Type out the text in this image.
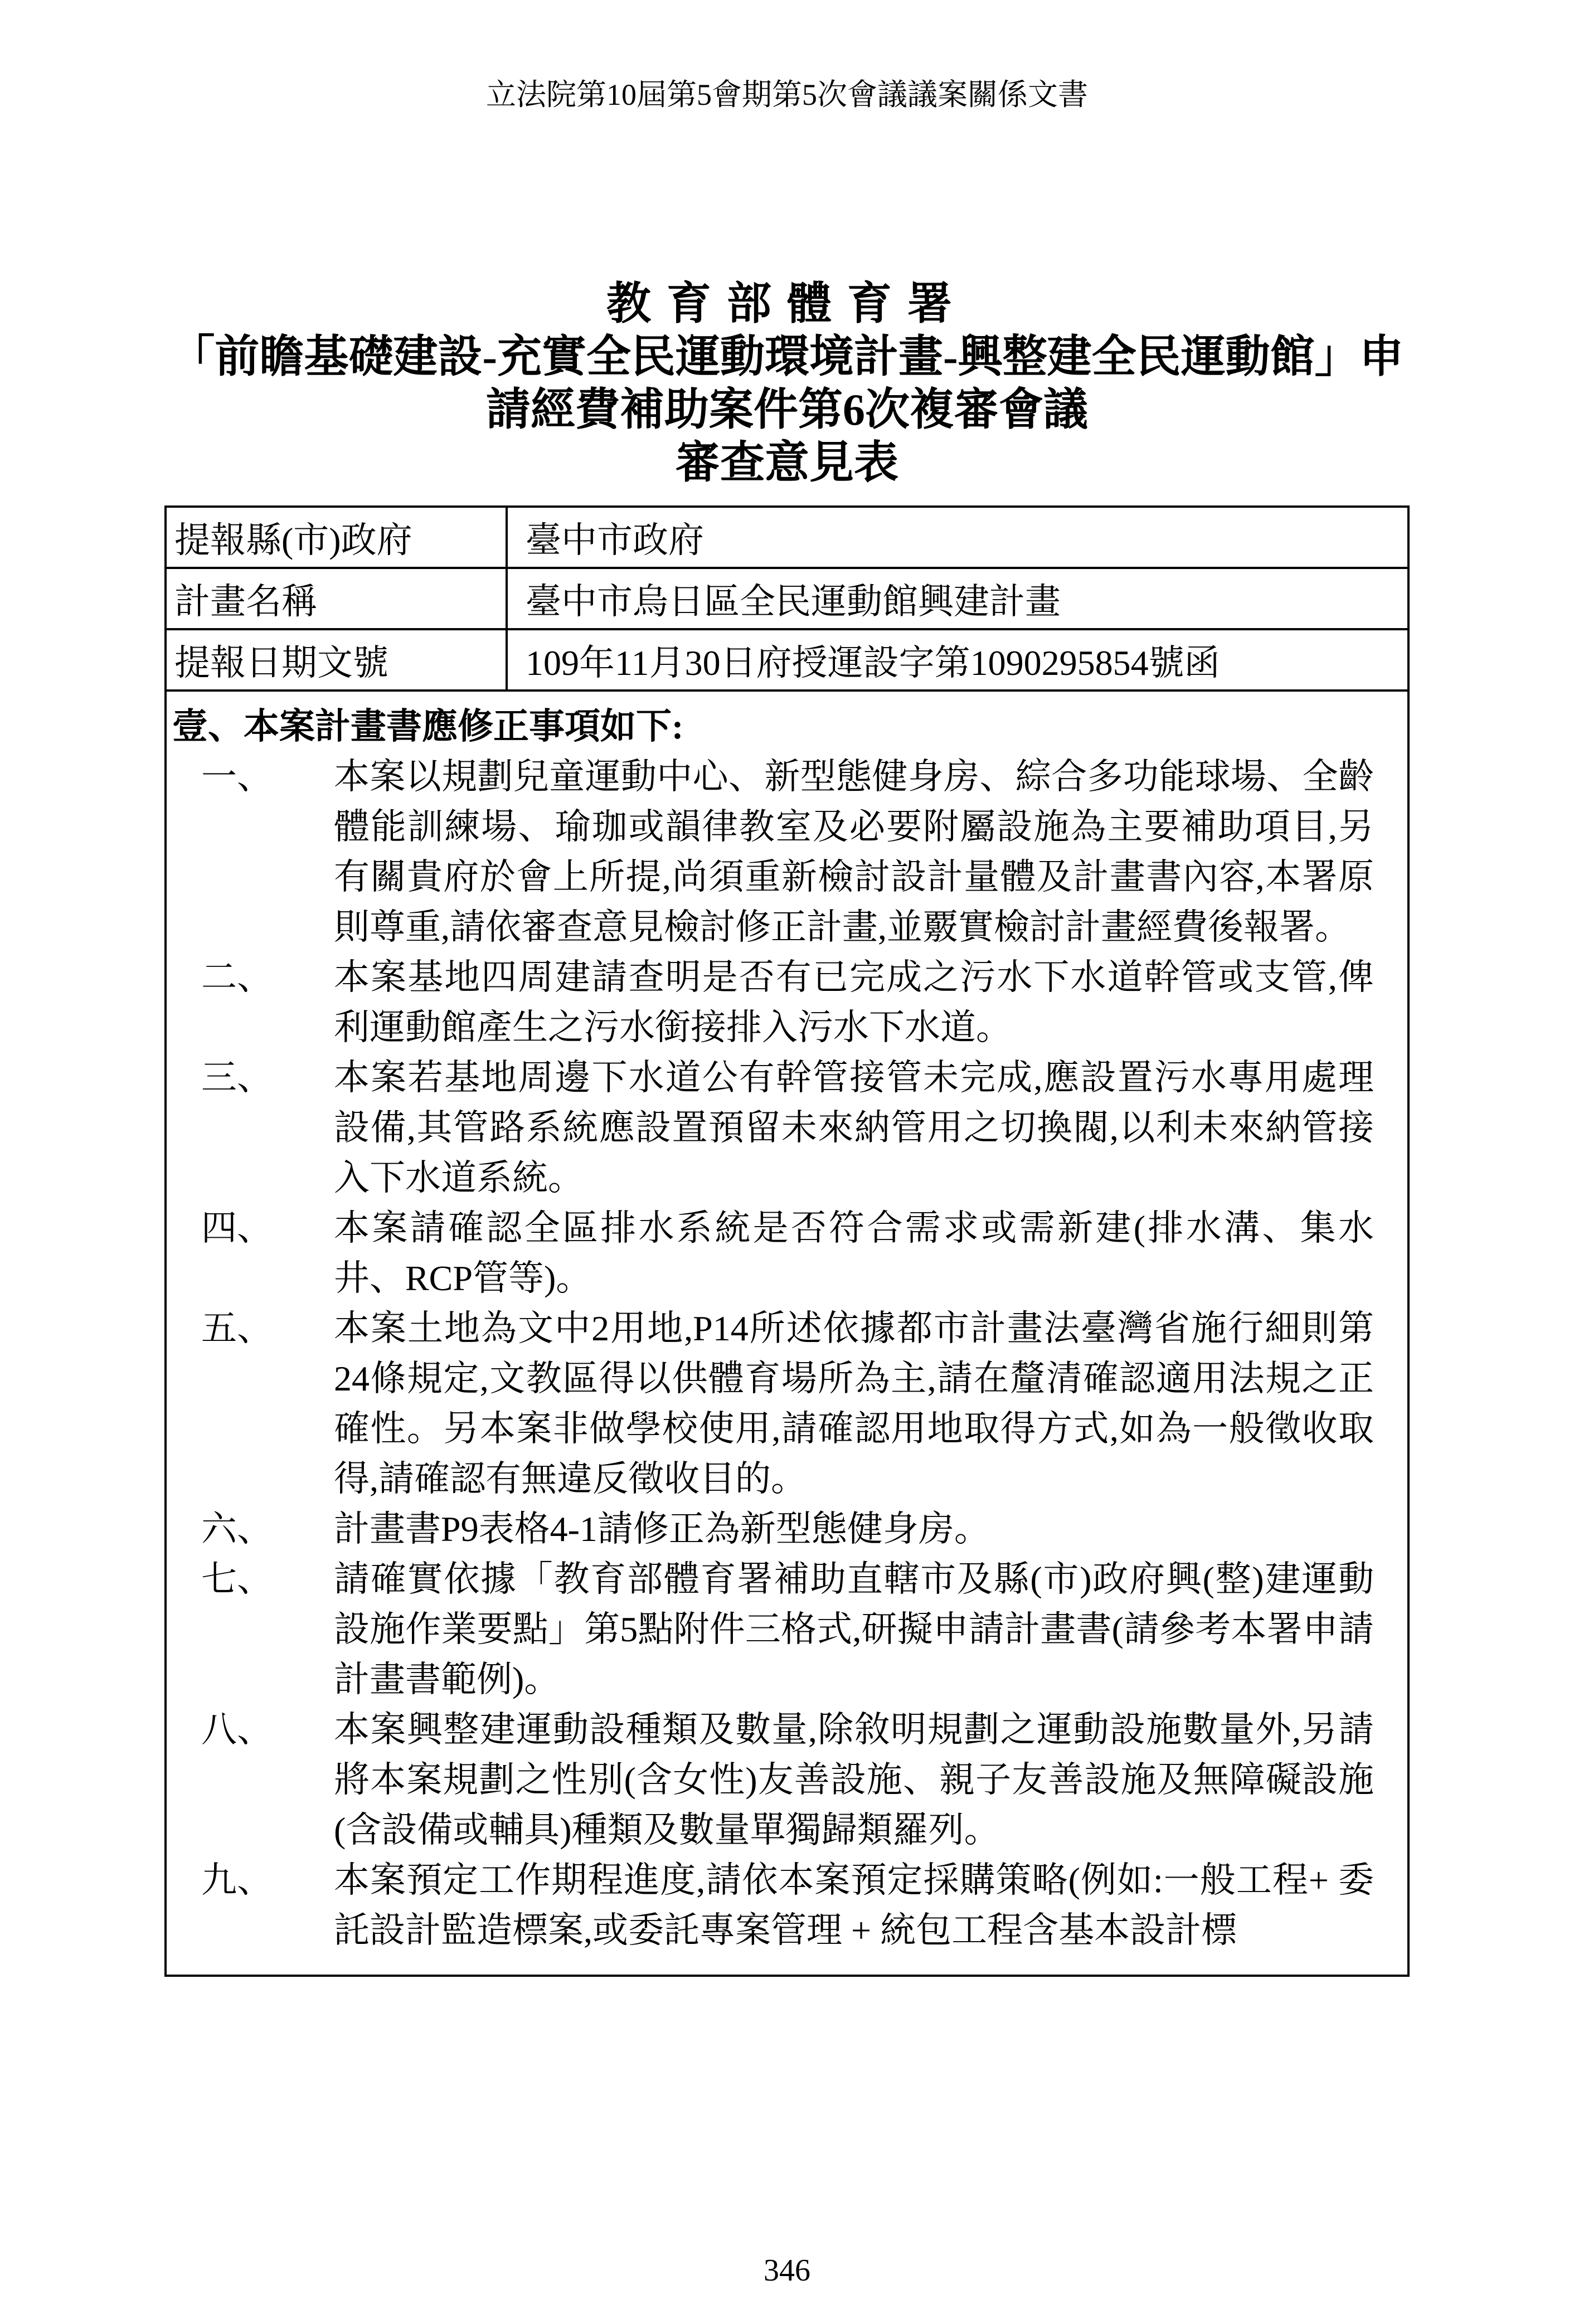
立法院第10屆第5會期第5次會議議案關係文書
教育部體育署
「前瞻基礎建設-充實全民運動環境計畫-興整建全民運動館」申請經費補助案件第6次複審會議
審查意見表
提報縣(市)政府	臺中市政府
計畫名稱	臺中市烏日區全民運動館興建計畫
提報日期文號	109年11月30日府授運設字第1090295854號函
壹、本案計畫書應修正事項如下:
一、	本案以規劃兒童運動中心、新型態健身房、綜合多功能球場、全齡體能訓練場、瑜珈或韻律教室及必要附屬設施為主要補助項目,另有關貴府於會上所提,尚須重新檢討設計量體及計畫書內容,本署原則尊重,請依審查意見檢討修正計畫,並覈實檢討計畫經費後報署。
二、	本案基地四周建請查明是否有已完成之污水下水道幹管或支管,俾利運動館產生之污水銜接排入污水下水道。
三、	本案若基地周邊下水道公有幹管接管未完成,應設置污水專用處理設備,其管路系統應設置預留未來納管用之切換閥,以利未來納管接入下水道系統。
四、	本案請確認全區排水系統是否符合需求或需新建(排水溝、集水井、RCP管等)。
五、	本案土地為文中2用地,P14所述依據都市計畫法臺灣省施行細則第24條規定,文教區得以供體育場所為主,請在釐清確認適用法規之正確性。另本案非做學校使用,請確認用地取得方式,如為一般徵收取得,請確認有無違反徵收目的。
六、	計畫書P9表格4-1請修正為新型態健身房。
七、	請確實依據「教育部體育署補助直轄市及縣(市)政府興(整)建運動設施作業要點」第5點附件三格式,研擬申請計畫書(請參考本署申請計畫書範例)。
八、	本案興整建運動設種類及數量,除敘明規劃之運動設施數量外,另請將本案規劃之性別(含女性)友善設施、親子友善設施及無障礙設施(含設備或輔具)種類及數量單獨歸類羅列。
九、	本案預定工作期程進度,請依本案預定採購策略(例如:一般工程+ 委託設計監造標案,或委託專案管理 + 統包工程含基本設計標
346
